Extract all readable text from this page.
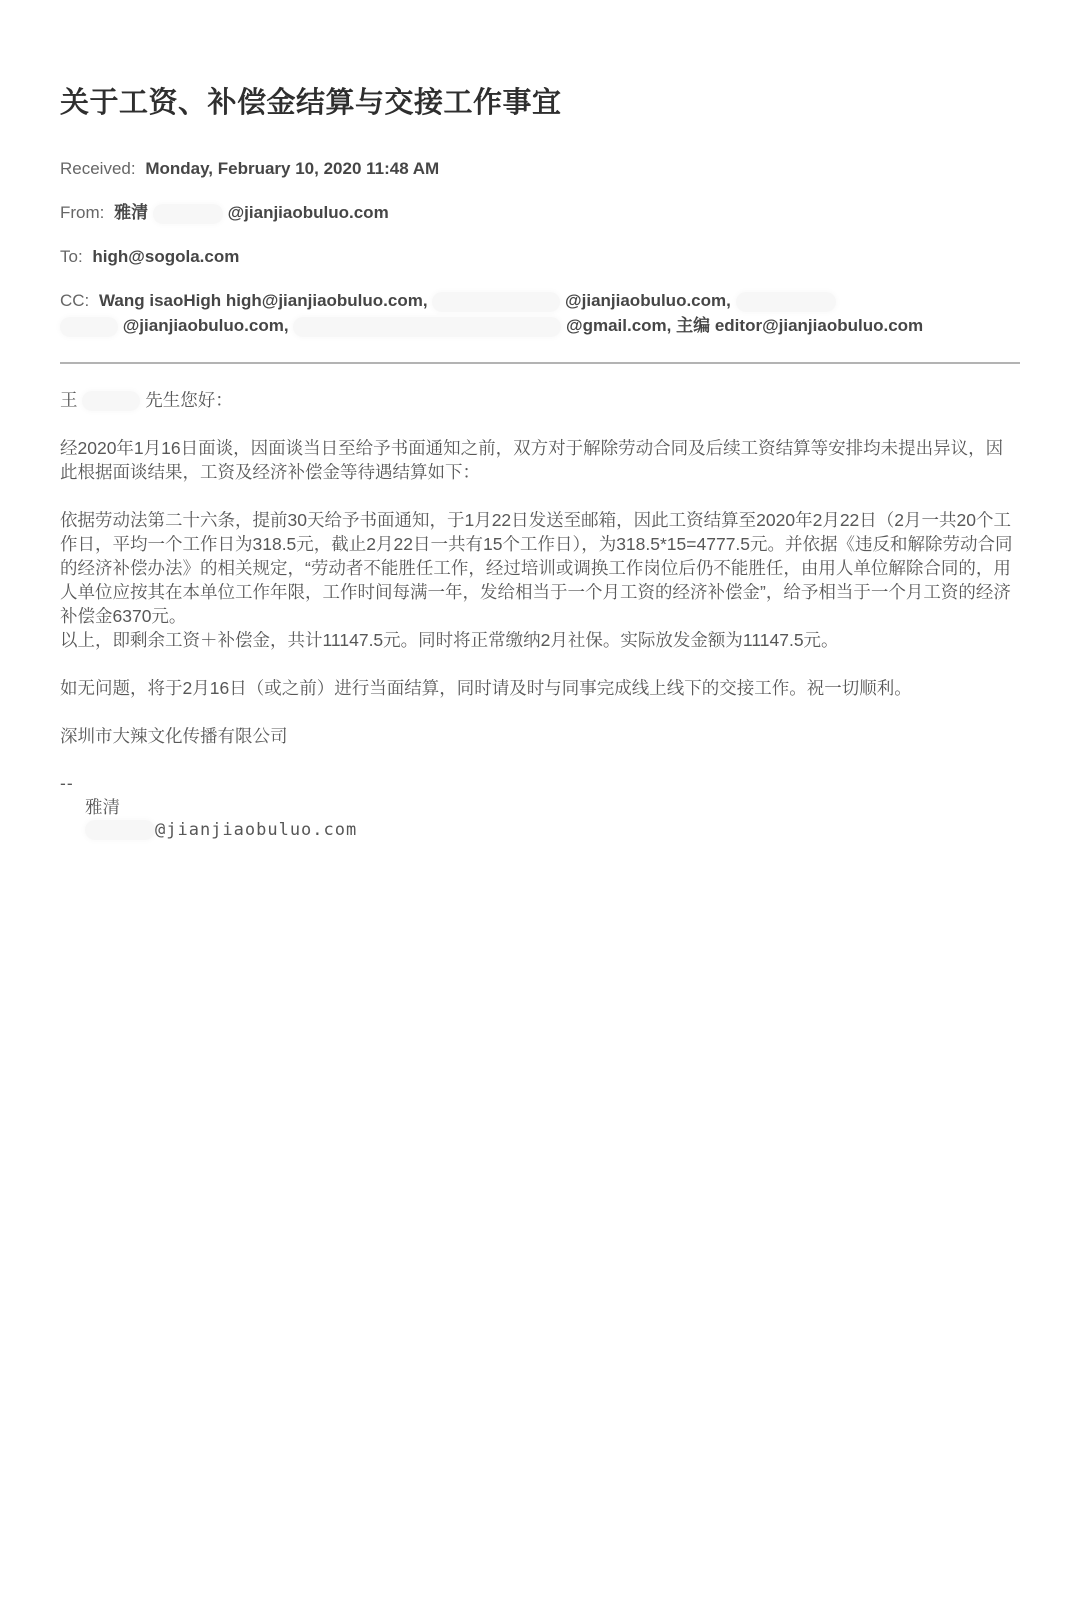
关于工资、补偿金结算与交接工作事宜
Received: Monday, February 10, 2020 11:48 AM
From: 雅清	@jianjiaobuluo.com
To: high@sogola.com
CC: Wang isaoHigh high@jianjiaobuluo.com,	@jianjiaobuluo.com,
@jianjiaobuluo.com,	@gmail.com, 主编 editor@jianjiaobuluo.com

王	先生您好：

经2020年1月16日面谈，因面谈当日至给予书面通知之前，双方对于解除劳动合同及后续工资结算等安排均未提出异议，因此根据面谈结果，工资及经济补偿金等待遇结算如下：

依据劳动法第二十六条，提前30天给予书面通知，于1月22日发送至邮箱，因此工资结算至2020年2月22日（2月一共20个工作日，平均一个工作日为318.5元，截止2月22日一共有15个工作日），为318.5*15=4777.5元。并依据《违反和解除劳动合同的经济补偿办法》的相关规定，“劳动者不能胜任工作，经过培训或调换工作岗位后仍不能胜任，由用人单位解除合同的，用人单位应按其在本单位工作年限，工作时间每满一年，发给相当于一个月工资的经济补偿金”，给予相当于一个月工资的经济补偿金6370元。
以上，即剩余工资＋补偿金，共计11147.5元。同时将正常缴纳2月社保。实际放发金额为11147.5元。

如无问题，将于2月16日（或之前）进行当面结算，同时请及时与同事完成线上线下的交接工作。祝一切顺利。

深圳市大辣文化传播有限公司

--
雅清
@jianjiaobuluo.com
